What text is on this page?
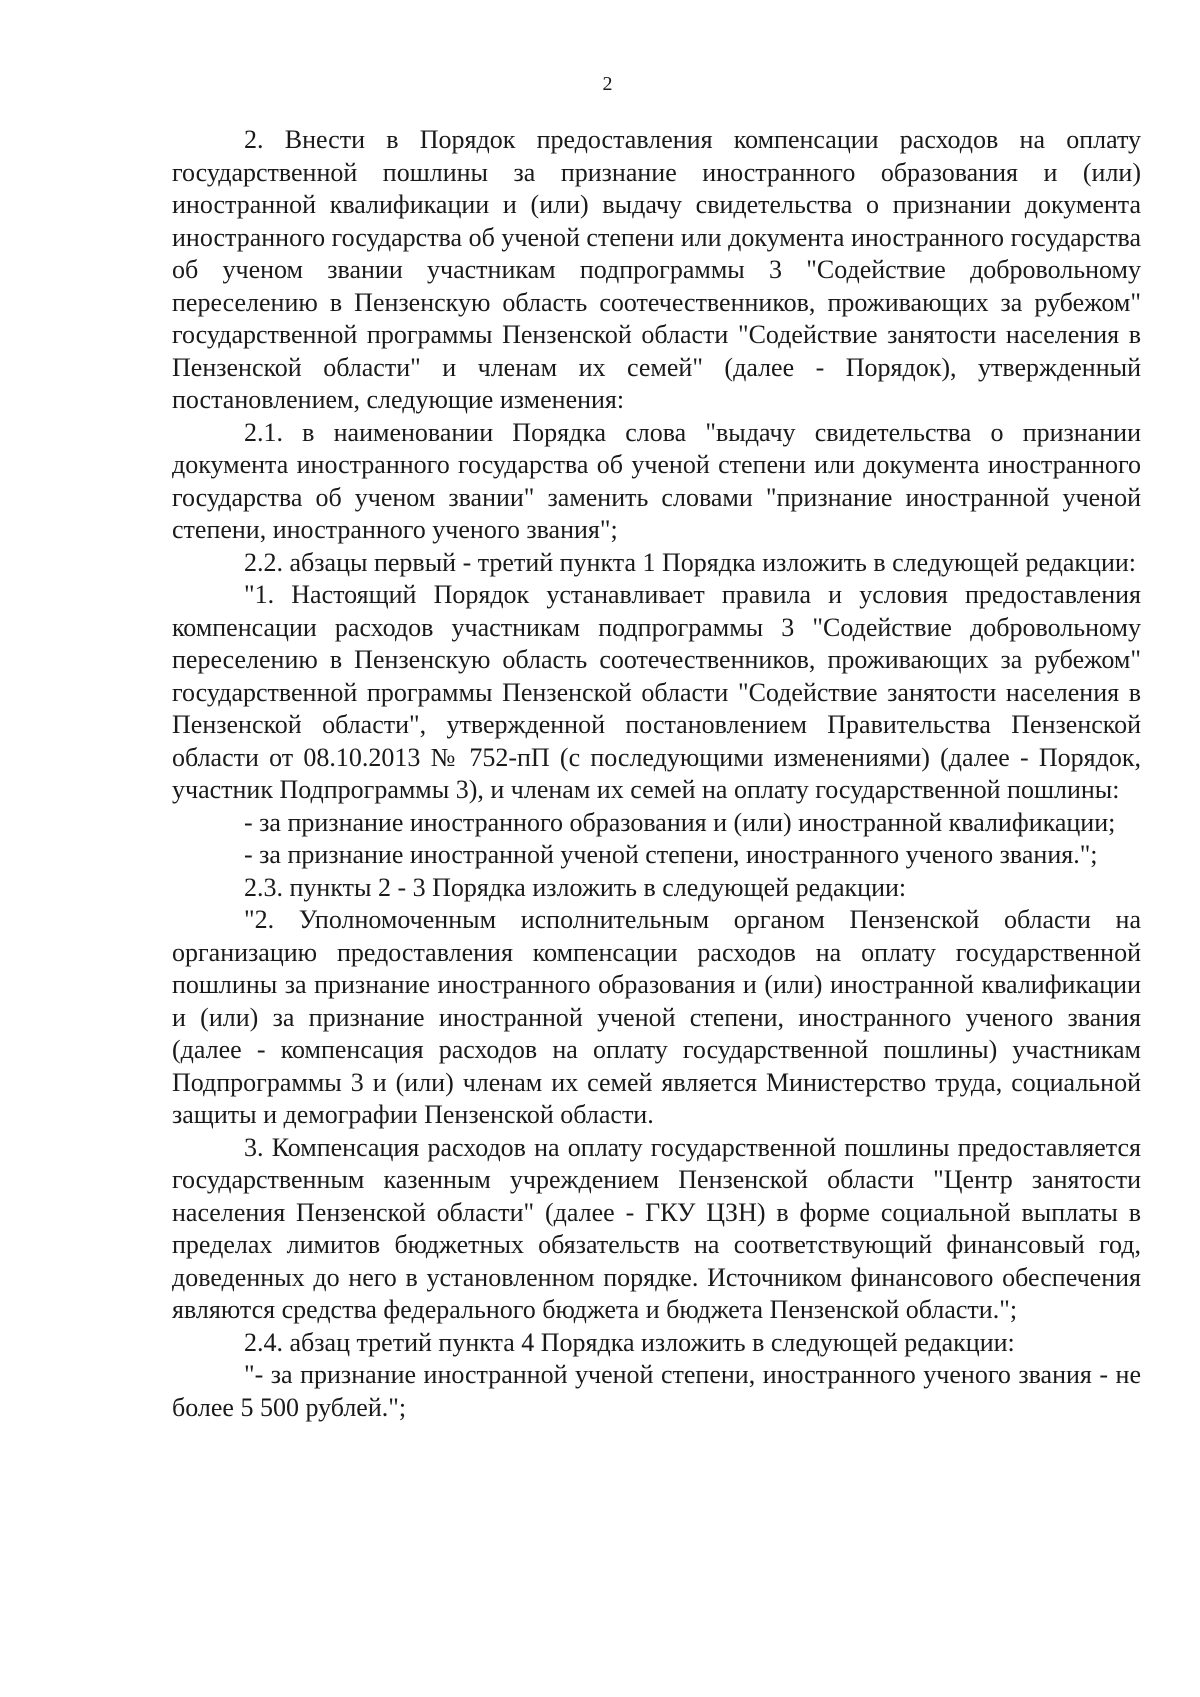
2

2. Внести в Порядок предоставления компенсации расходов на оплату государственной пошлины за признание иностранного образования и (или) иностранной квалификации и (или) выдачу свидетельства о признании документа иностранного государства об ученой степени или документа иностранного государства об ученом звании участникам подпрограммы 3 "Содействие добровольному переселению в Пензенскую область соотечественников, проживающих за рубежом" государственной программы Пензенской области "Содействие занятости населения в Пензенской области" и членам их семей" (далее - Порядок), утвержденный постановлением, следующие изменения:

2.1. в наименовании Порядка слова "выдачу свидетельства о признании документа иностранного государства об ученой степени или документа иностранного государства об ученом звании" заменить словами "признание иностранной ученой степени, иностранного ученого звания";

2.2. абзацы первый - третий пункта 1 Порядка изложить в следующей редакции:

"1. Настоящий Порядок устанавливает правила и условия предоставления компенсации расходов участникам подпрограммы 3 "Содействие добровольному переселению в Пензенскую область соотечественников, проживающих за рубежом" государственной программы Пензенской области "Содействие занятости населения в Пензенской области", утвержденной постановлением Правительства Пензенской области от 08.10.2013 № 752-пП (с последующими изменениями) (далее - Порядок, участник Подпрограммы 3), и членам их семей на оплату государственной пошлины:

- за признание иностранного образования и (или) иностранной квалификации;

- за признание иностранной ученой степени, иностранного ученого звания.";

2.3. пункты 2 - 3 Порядка изложить в следующей редакции:

"2. Уполномоченным исполнительным органом Пензенской области на организацию предоставления компенсации расходов на оплату государственной пошлины за признание иностранного образования и (или) иностранной квалификации и (или) за признание иностранной ученой степени, иностранного ученого звания (далее - компенсация расходов на оплату государственной пошлины) участникам Подпрограммы 3 и (или) членам их семей является Министерство труда, социальной защиты и демографии Пензенской области.

3. Компенсация расходов на оплату государственной пошлины предоставляется государственным казенным учреждением Пензенской области "Центр занятости населения Пензенской области" (далее - ГКУ ЦЗН) в форме социальной выплаты в пределах лимитов бюджетных обязательств на соответствующий финансовый год, доведенных до него в установленном порядке. Источником финансового обеспечения являются средства федерального бюджета и бюджета Пензенской области.";

2.4. абзац третий пункта 4 Порядка изложить в следующей редакции:

"- за признание иностранной ученой степени, иностранного ученого звания - не более 5 500 рублей.";
